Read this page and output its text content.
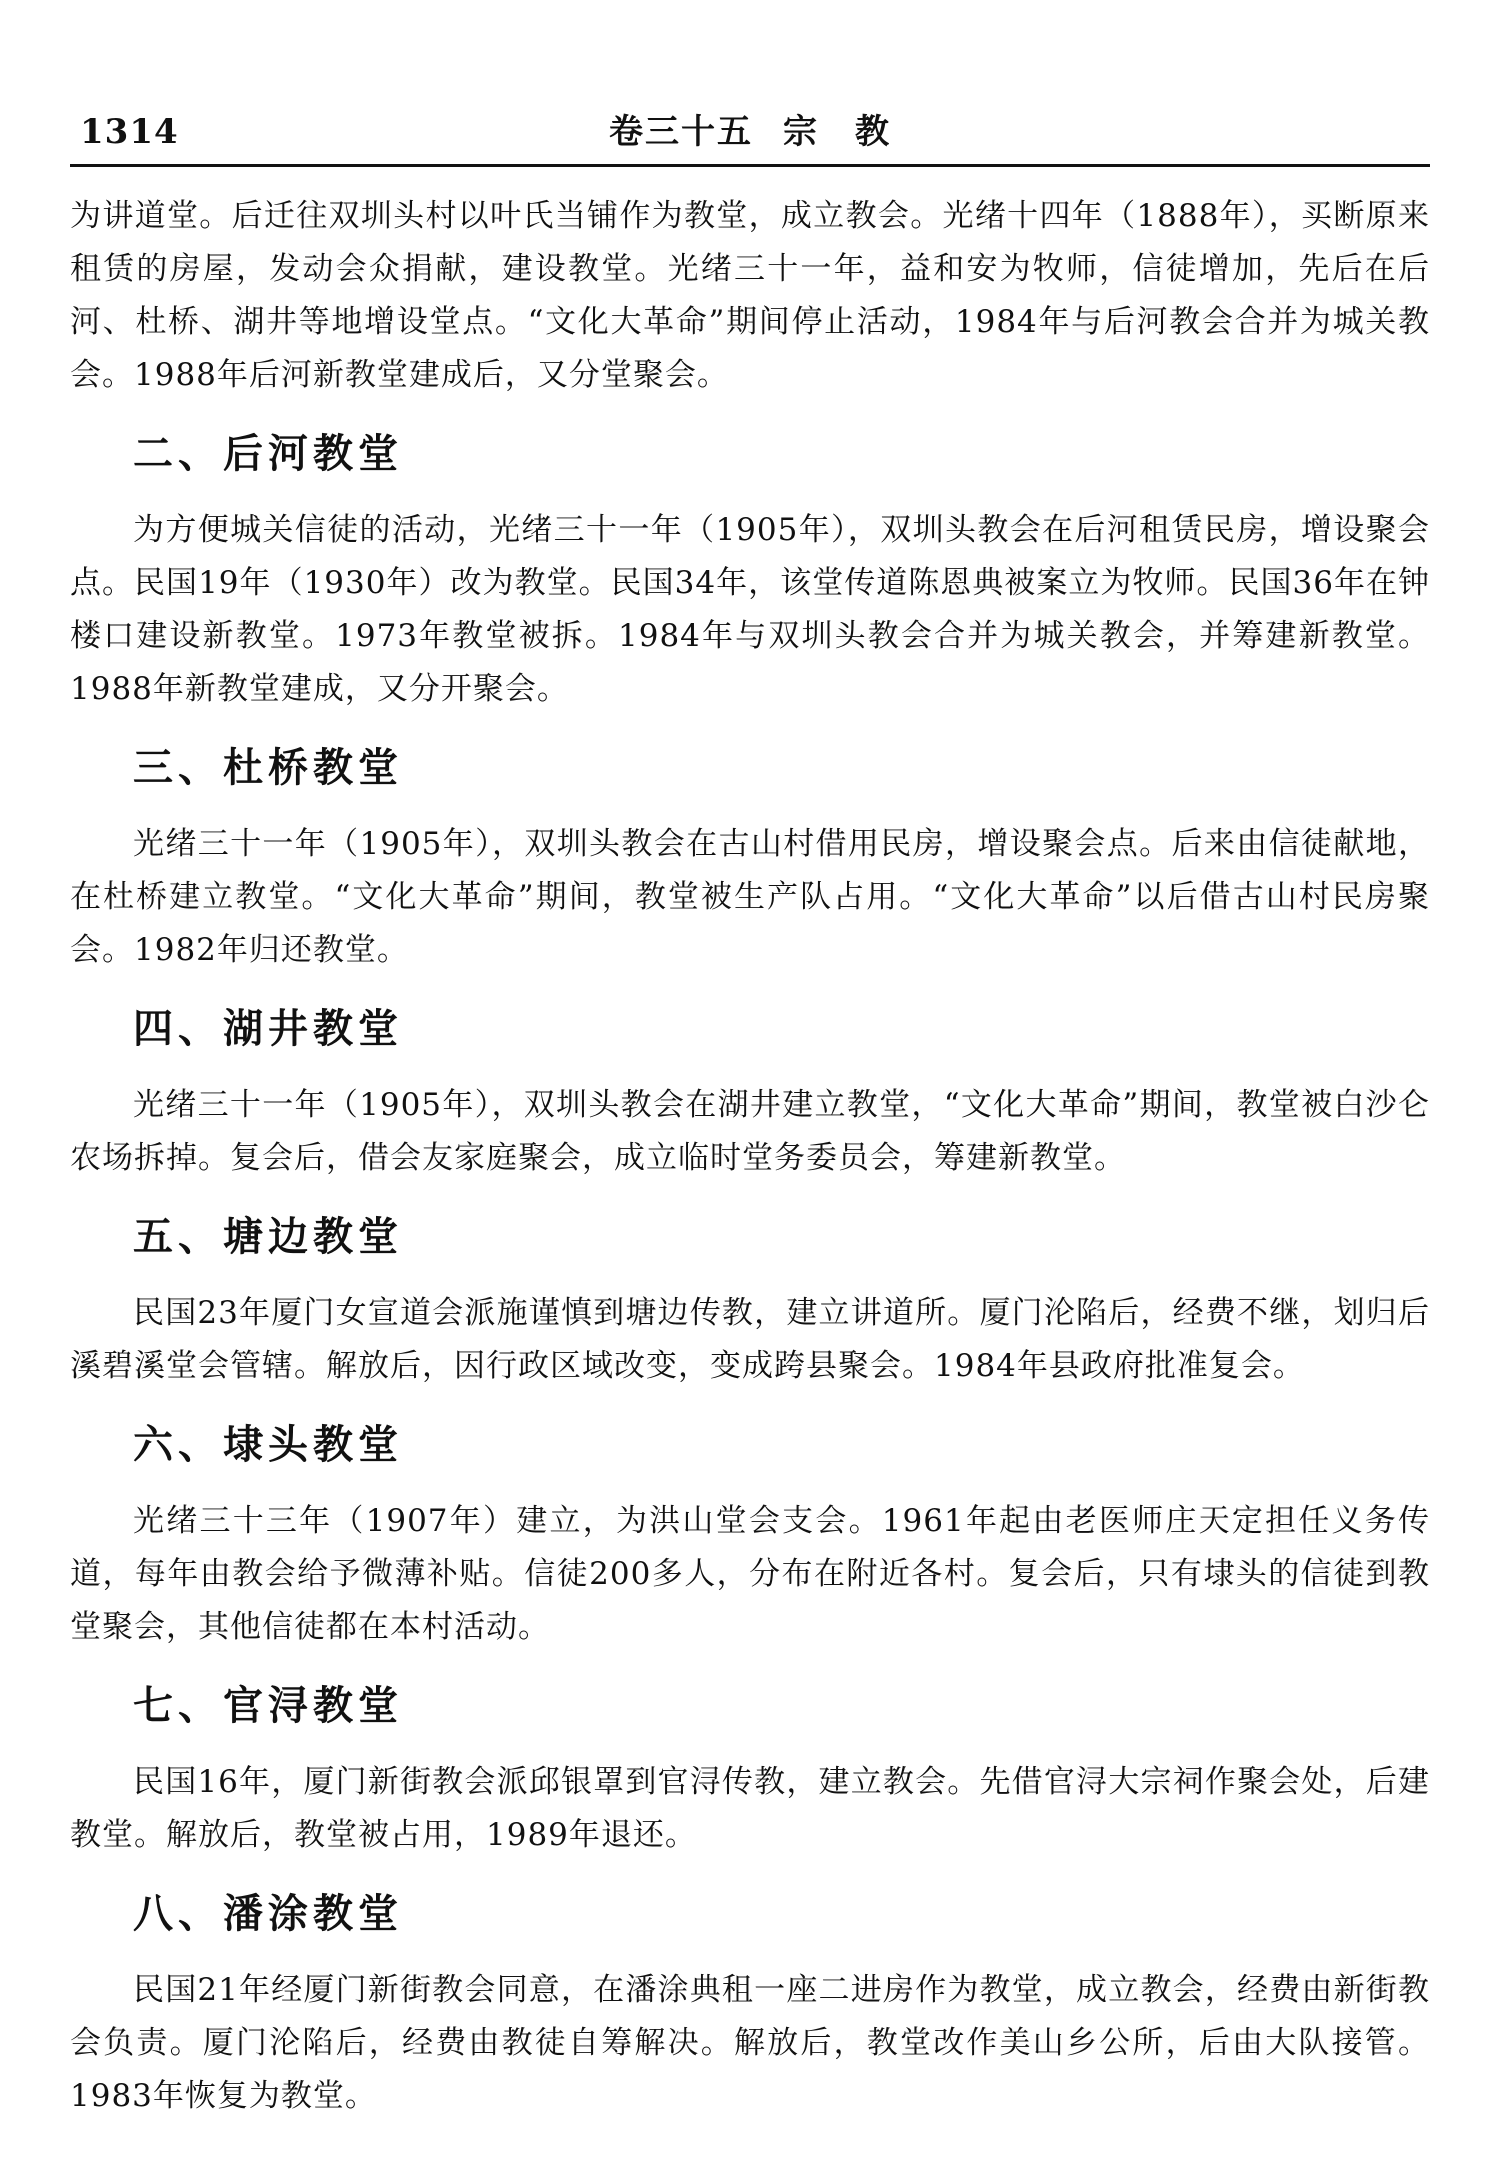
1314	卷三十五 宗　教

为讲道堂。后迁往双圳头村以叶氏当铺作为教堂，成立教会。光绪十四年（1888年），买断原来租赁的房屋，发动会众捐献，建设教堂。光绪三十一年，益和安为牧师，信徒增加，先后在后河、杜桥、湖井等地增设堂点。“文化大革命”期间停止活动，1984年与后河教会合并为城关教会。1988年后河新教堂建成后，又分堂聚会。

二、后河教堂

为方便城关信徒的活动，光绪三十一年（1905年），双圳头教会在后河租赁民房，增设聚会点。民国19年（1930年）改为教堂。民国34年，该堂传道陈恩典被案立为牧师。民国36年在钟楼口建设新教堂。1973年教堂被拆。1984年与双圳头教会合并为城关教会，并筹建新教堂。1988年新教堂建成，又分开聚会。

三、杜桥教堂

光绪三十一年（1905年），双圳头教会在古山村借用民房，增设聚会点。后来由信徒献地，在杜桥建立教堂。“文化大革命”期间，教堂被生产队占用。“文化大革命”以后借古山村民房聚会。1982年归还教堂。

四、湖井教堂

光绪三十一年（1905年），双圳头教会在湖井建立教堂，“文化大革命”期间，教堂被白沙仑农场拆掉。复会后，借会友家庭聚会，成立临时堂务委员会，筹建新教堂。

五、塘边教堂

民国23年厦门女宣道会派施谨慎到塘边传教，建立讲道所。厦门沦陷后，经费不继，划归后溪碧溪堂会管辖。解放后，因行政区域改变，变成跨县聚会。1984年县政府批准复会。

六、埭头教堂

光绪三十三年（1907年）建立，为洪山堂会支会。1961年起由老医师庄天定担任义务传道，每年由教会给予微薄补贴。信徒200多人，分布在附近各村。复会后，只有埭头的信徒到教堂聚会，其他信徒都在本村活动。

七、官浔教堂

民国16年，厦门新街教会派邱银罩到官浔传教，建立教会。先借官浔大宗祠作聚会处，后建教堂。解放后，教堂被占用，1989年退还。

八、潘涂教堂

民国21年经厦门新街教会同意，在潘涂典租一座二进房作为教堂，成立教会，经费由新街教会负责。厦门沦陷后，经费由教徒自筹解决。解放后，教堂改作美山乡公所，后由大队接管。1983年恢复为教堂。
